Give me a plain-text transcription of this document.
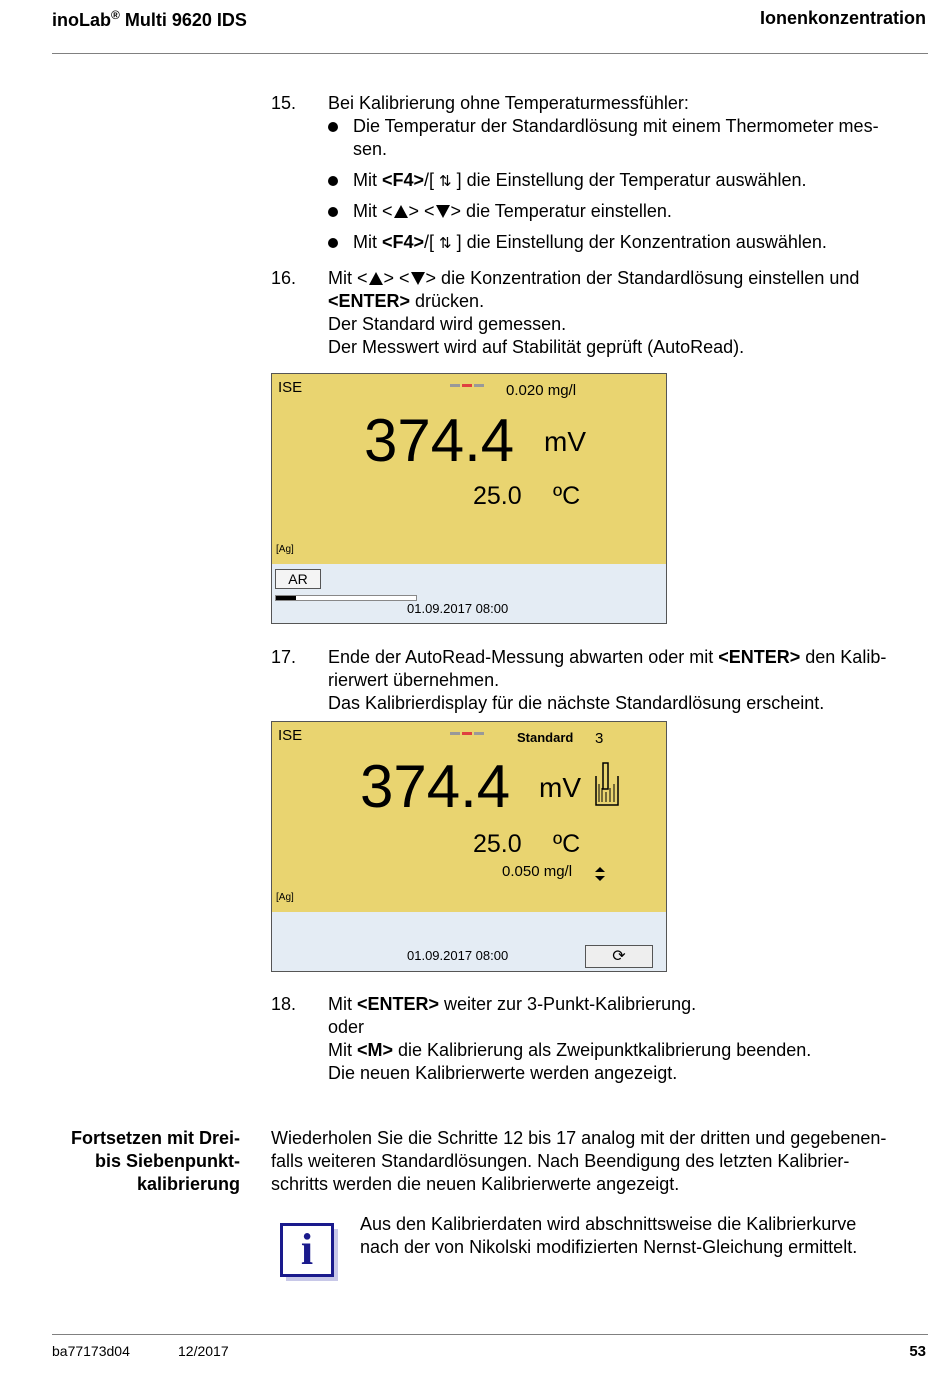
inoLab® Multi 9620 IDS	Ionenkonzentration
15. Bei Kalibrierung ohne Temperaturmessfühler:
Die Temperatur der Standardlösung mit einem Thermometer mes-
sen.
Mit <F4>/[ ⇅ ] die Einstellung der Temperatur auswählen.
Mit < > < > die Temperatur einstellen.
Mit <F4>/[ ⇅ ] die Einstellung der Konzentration auswählen.
16. Mit < > < > die Konzentration der Standardlösung einstellen und
<ENTER> drücken.
Der Standard wird gemessen.
Der Messwert wird auf Stabilität geprüft (AutoRead).
ISE	0.020 mg/l
374.4 mV
25.0 ºC
[Ag]
AR
01.09.2017 08:00
17. Ende der AutoRead-Messung abwarten oder mit <ENTER> den Kalib-
rierwert übernehmen.
Das Kalibrierdisplay für die nächste Standardlösung erscheint.
ISE	Standard 3
374.4 mV
25.0 ºC
0.050 mg/l
[Ag]
01.09.2017 08:00	⟳
18. Mit <ENTER> weiter zur 3-Punkt-Kalibrierung.
oder
Mit <M> die Kalibrierung als Zweipunktkalibrierung beenden.
Die neuen Kalibrierwerte werden angezeigt.
Fortsetzen mit Drei-
bis Siebenpunkt-
kalibrierung
Wiederholen Sie die Schritte 12 bis 17 analog mit der dritten und gegebenen-
falls weiteren Standardlösungen. Nach Beendigung des letzten Kalibrier-
schritts werden die neuen Kalibrierwerte angezeigt.
i
Aus den Kalibrierdaten wird abschnittsweise die Kalibrierkurve
nach der von Nikolski modifizierten Nernst-Gleichung ermittelt.
ba77173d04	12/2017	53
